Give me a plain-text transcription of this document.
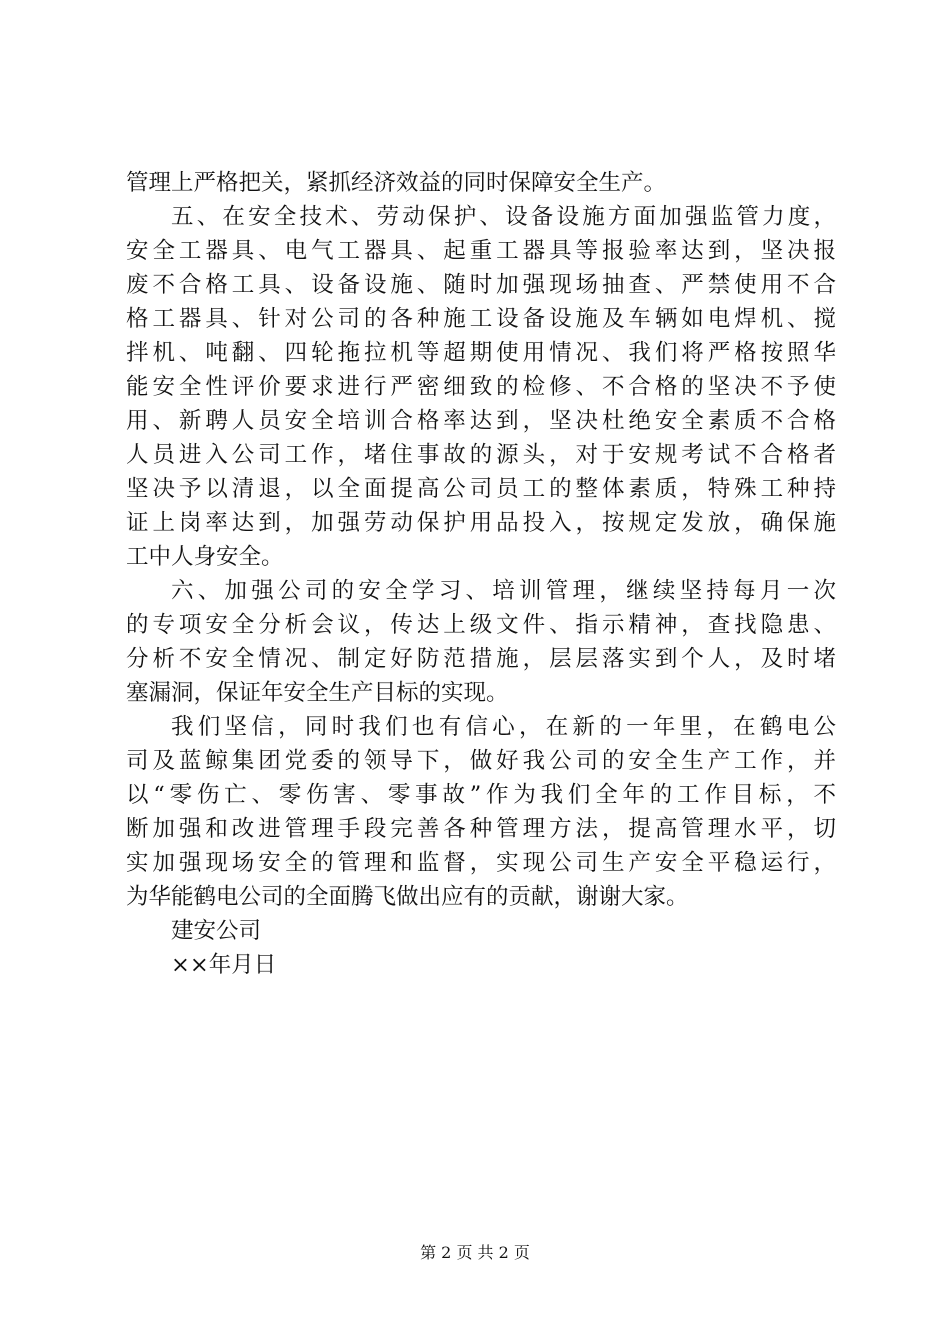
管理上严格把关，紧抓经济效益的同时保障安全生产。
五、在安全技术、劳动保护、设备设施方面加强监管力度，
安全工器具、电气工器具、起重工器具等报验率达到，坚决报
废不合格工具、设备设施、随时加强现场抽查、严禁使用不合
格工器具、针对公司的各种施工设备设施及车辆如电焊机、搅
拌机、吨翻、四轮拖拉机等超期使用情况、我们将严格按照华
能安全性评价要求进行严密细致的检修、不合格的坚决不予使
用、新聘人员安全培训合格率达到，坚决杜绝安全素质不合格
人员进入公司工作，堵住事故的源头，对于安规考试不合格者
坚决予以清退，以全面提高公司员工的整体素质，特殊工种持
证上岗率达到，加强劳动保护用品投入，按规定发放，确保施
工中人身安全。
六、加强公司的安全学习、培训管理，继续坚持每月一次
的专项安全分析会议，传达上级文件、指示精神，查找隐患、
分析不安全情况、制定好防范措施，层层落实到个人，及时堵
塞漏洞，保证年安全生产目标的实现。
我们坚信，同时我们也有信心，在新的一年里，在鹤电公
司及蓝鲸集团党委的领导下，做好我公司的安全生产工作，并
以“零伤亡、零伤害、零事故”作为我们全年的工作目标，不
断加强和改进管理手段完善各种管理方法，提高管理水平，切
实加强现场安全的管理和监督，实现公司生产安全平稳运行，
为华能鹤电公司的全面腾飞做出应有的贡献，谢谢大家。
建安公司
××年月日
第 2 页 共 2 页
